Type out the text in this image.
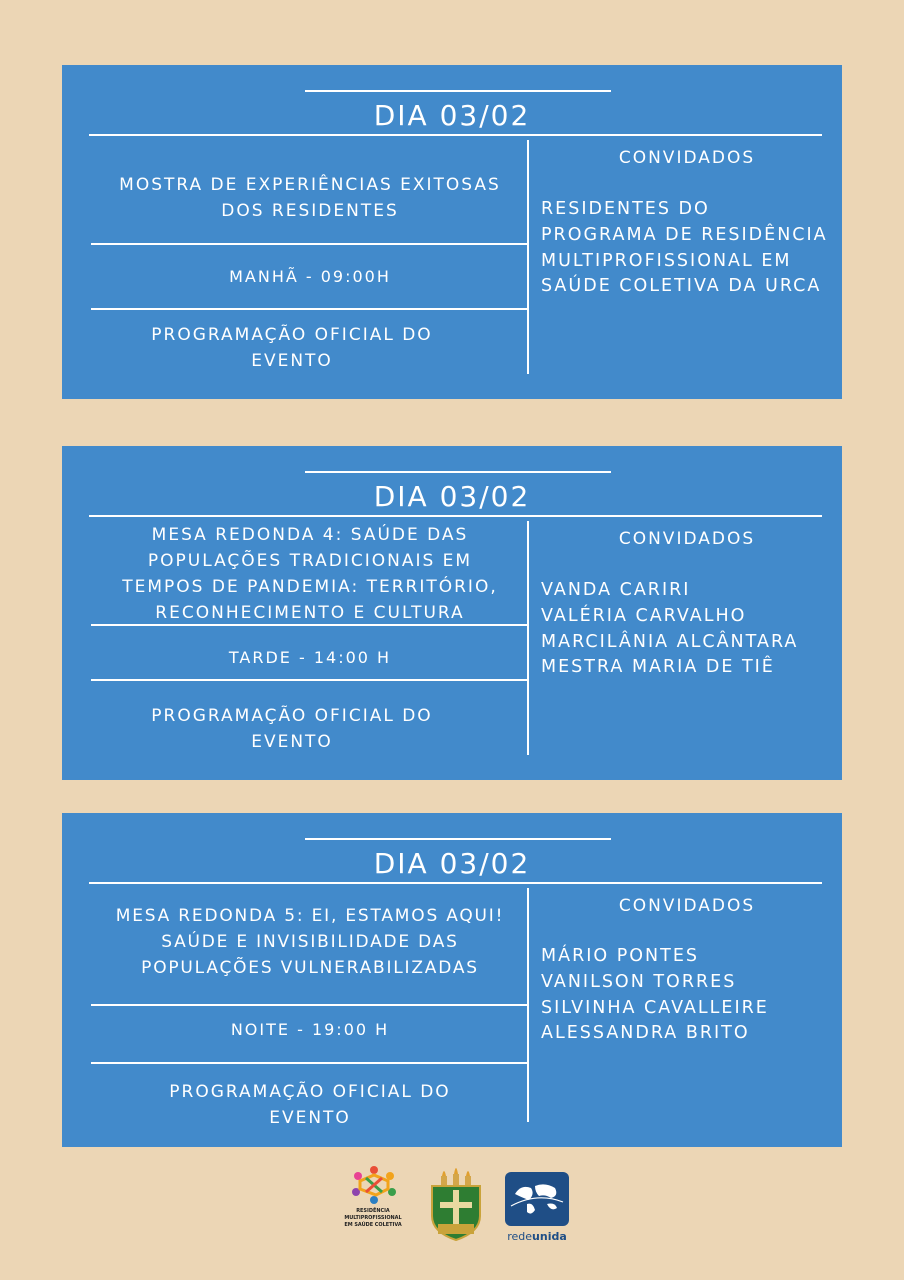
DIA 03/02
MOSTRA DE EXPERIÊNCIAS EXITOSAS
DOS RESIDENTES
MANHÃ - 09:00H
PROGRAMAÇÃO OFICIAL DO
EVENTO
CONVIDADOS
RESIDENTES DO
PROGRAMA DE RESIDÊNCIA
MULTIPROFISSIONAL EM
SAÚDE COLETIVA DA URCA
DIA 03/02
MESA REDONDA 4: SAÚDE DAS
POPULAÇÕES TRADICIONAIS EM
TEMPOS DE PANDEMIA: TERRITÓRIO,
RECONHECIMENTO E CULTURA
TARDE - 14:00 H
PROGRAMAÇÃO OFICIAL DO
EVENTO
CONVIDADOS
VANDA CARIRI
VALÉRIA CARVALHO
MARCILÂNIA ALCÂNTARA
MESTRA MARIA DE TIÊ
DIA 03/02
MESA REDONDA 5: EI, ESTAMOS AQUI!
SAÚDE E INVISIBILIDADE DAS
POPULAÇÕES VULNERABILIZADAS
NOITE - 19:00 H
PROGRAMAÇÃO OFICIAL DO
EVENTO
CONVIDADOS
MÁRIO PONTES
VANILSON TORRES
SILVINHA CAVALLEIRE
ALESSANDRA BRITO
RESIDÊNCIA
MULTIPROFISSIONAL
EM SAÚDE COLETIVA
redeunida
